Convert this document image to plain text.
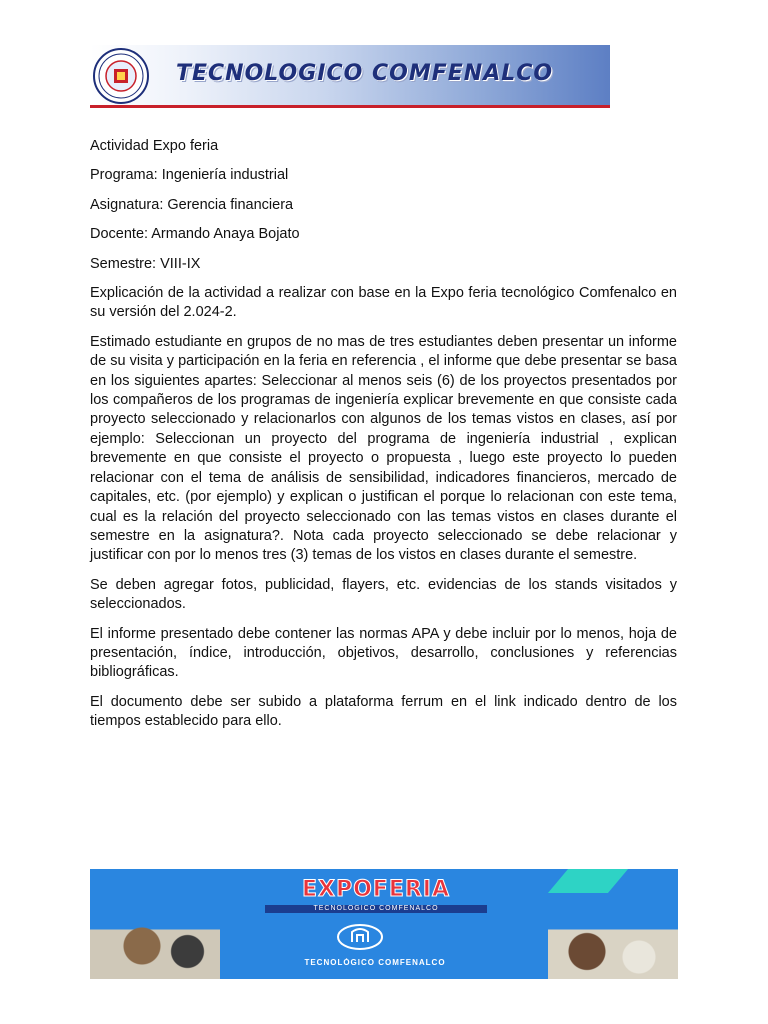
TECNOLOGICO COMFENALCO
Actividad Expo feria
Programa: Ingeniería industrial
Asignatura: Gerencia financiera
Docente: Armando Anaya Bojato
Semestre: VIII-IX

Explicación de la actividad a realizar con base en la Expo feria tecnológico Comfenalco en su versión del 2.024-2.

Estimado estudiante en grupos de no mas de tres estudiantes deben presentar un informe de su visita y participación en la feria en referencia , el informe que debe presentar se basa en los siguientes apartes: Seleccionar al menos seis (6) de los proyectos presentados por los compañeros de los programas de ingeniería explicar brevemente en que consiste cada proyecto seleccionado y relacionarlos con algunos de los temas vistos en clases, así por ejemplo: Seleccionan un proyecto del programa de ingeniería industrial , explican brevemente en que consiste el proyecto o propuesta , luego este proyecto lo pueden relacionar con el tema de análisis de sensibilidad, indicadores financieros, mercado de capitales, etc. (por ejemplo) y explican o justifican el porque lo relacionan con este tema, cual es la relación del proyecto seleccionado con las temas vistos en clases durante el semestre en la asignatura?. Nota cada proyecto seleccionado se debe relacionar y justificar con por lo menos tres (3) temas de los vistos en clases durante el semestre.

Se deben agregar fotos, publicidad, flayers, etc. evidencias de los stands visitados y seleccionados.

El informe presentado debe contener las normas APA y debe incluir por lo menos, hoja de presentación, índice, introducción, objetivos, desarrollo, conclusiones y referencias bibliográficas.

El documento debe ser subido a plataforma ferrum en el link indicado dentro de los tiempos establecido para ello.

EXPOFERIA
TECNOLÓGICO COMFENALCO
TECNOLÓGICO COMFENALCO
